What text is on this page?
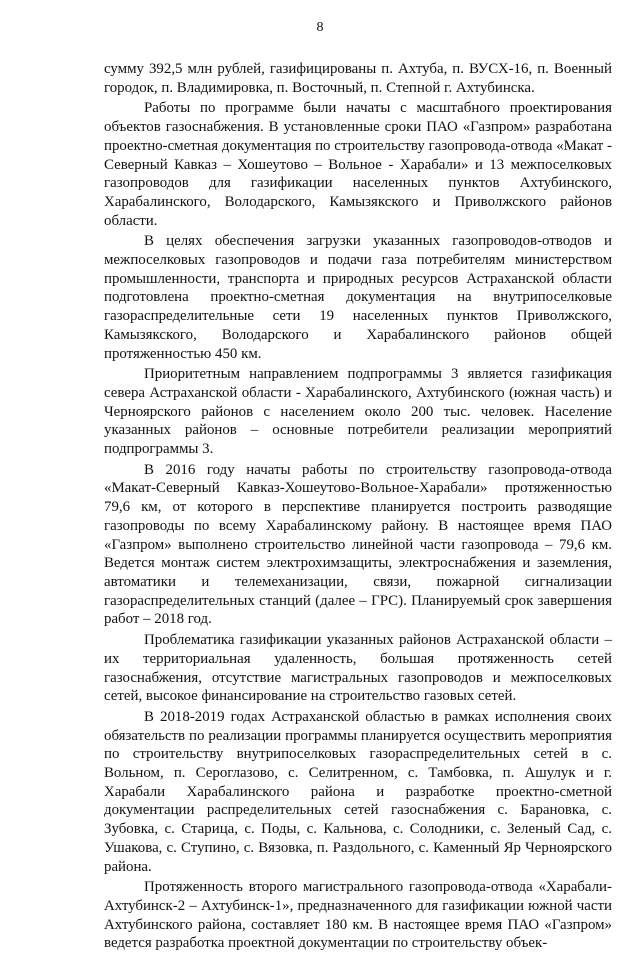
8

сумму 392,5 млн рублей, газифицированы п. Ахтуба, п. ВУСХ-16, п. Военный городок, п. Владимировка, п. Восточный, п. Степной г. Ахтубинска.

Работы по программе были начаты с масштабного проектирования объектов газоснабжения. В установленные сроки ПАО «Газпром» разработана проектно-сметная документация по строительству газопровода-отвода «Макат - Северный Кавказ – Хошеутово – Вольное - Харабали» и 13 межпоселковых газопроводов для газификации населенных пунктов Ахтубинского, Харабалинского, Володарского, Камызякского и Приволжского районов области.

В целях обеспечения загрузки указанных газопроводов-отводов и межпоселковых газопроводов и подачи газа потребителям министерством промышленности, транспорта и природных ресурсов Астраханской области подготовлена проектно-сметная документация на внутрипоселковые газораспределительные сети 19 населенных пунктов Приволжского, Камызякского, Володарского и Харабалинского районов общей протяженностью 450 км.

Приоритетным направлением подпрограммы 3 является газификация севера Астраханской области - Харабалинского, Ахтубинского (южная часть) и Черноярского районов с населением около 200 тыс. человек. Население указанных районов – основные потребители реализации мероприятий подпрограммы 3.

В 2016 году начаты работы по строительству газопровода-отвода «Макат-Северный Кавказ-Хошеутово-Вольное-Харабали» протяженностью 79,6 км, от которого в перспективе планируется построить разводящие газопроводы по всему Харабалинскому району. В настоящее время ПАО «Газпром» выполнено строительство линейной части газопровода – 79,6 км. Ведется монтаж систем электрохимзащиты, электроснабжения и заземления, автоматики и телемеханизации, связи, пожарной сигнализации газораспределительных станций (далее – ГРС). Планируемый срок завершения работ – 2018 год.

Проблематика газификации указанных районов Астраханской области – их территориальная удаленность, большая протяженность сетей газоснабжения, отсутствие магистральных газопроводов и межпоселковых сетей, высокое финансирование на строительство газовых сетей.

В 2018-2019 годах Астраханской областью в рамках исполнения своих обязательств по реализации программы планируется осуществить мероприятия по строительству внутрипоселковых газораспределительных сетей в с. Вольном, п. Сероглазово, с. Селитренном, с. Тамбовка, п. Ашулук и г. Харабали Харабалинского района и разработке проектно-сметной документации распределительных сетей газоснабжения с. Барановка, с. Зубовка, с. Старица, с. Поды, с. Кальнова, с. Солодники, с. Зеленый Сад, с. Ушакова, с. Ступино, с. Вязовка, п. Раздольного, с. Каменный Яр Черноярского района.

Протяженность второго магистрального газопровода-отвода «Харабали-Ахтубинск-2 – Ахтубинск-1», предназначенного для газификации южной части Ахтубинского района, составляет 180 км. В настоящее время ПАО «Газпром» ведется разработка проектной документации по строительству объек-
